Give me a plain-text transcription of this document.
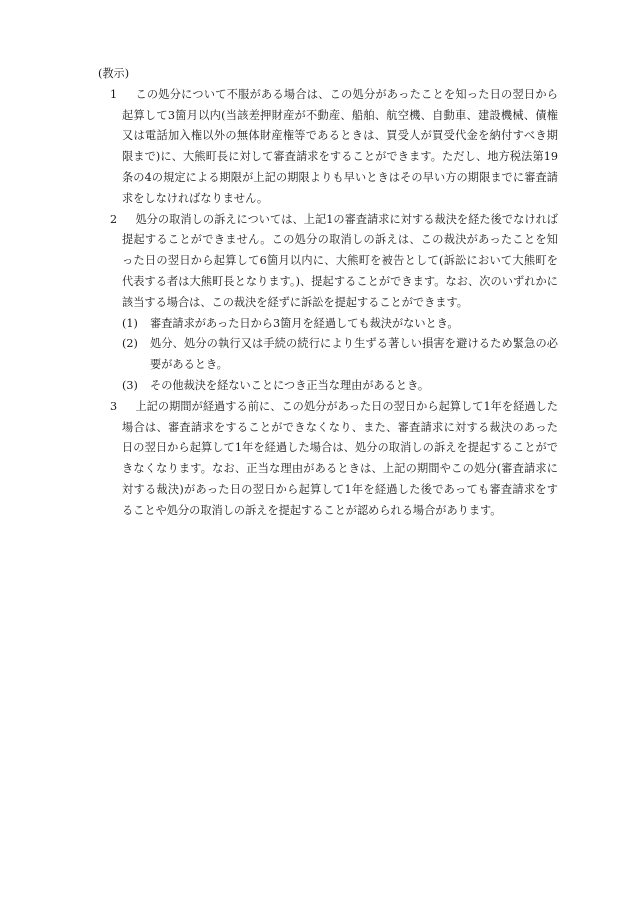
(教示)

1	この処分について不服がある場合は、この処分があったことを知った日の翌日から起算して3箇月以内(当該差押財産が不動産、船舶、航空機、自動車、建設機械、債権又は電話加入権以外の無体財産権等であるときは、買受人が買受代金を納付すべき期限まで)に、大熊町長に対して審査請求をすることができます。ただし、地方税法第19条の4の規定による期限が上記の期限よりも早いときはその早い方の期限までに審査請求をしなければなりません。
2	処分の取消しの訴えについては、上記1の審査請求に対する裁決を経た後でなければ提起することができません。この処分の取消しの訴えは、この裁決があったことを知った日の翌日から起算して6箇月以内に、大熊町を被告として(訴訟において大熊町を代表する者は大熊町長となります。)、提起することができます。なお、次のいずれかに該当する場合は、この裁決を経ずに訴訟を提起することができます。
(1)	審査請求があった日から3箇月を経過しても裁決がないとき。
(2)	処分、処分の執行又は手続の続行により生ずる著しい損害を避けるため緊急の必要があるとき。
(3)	その他裁決を経ないことにつき正当な理由があるとき。
3	上記の期間が経過する前に、この処分があった日の翌日から起算して1年を経過した場合は、審査請求をすることができなくなり、また、審査請求に対する裁決のあった日の翌日から起算して1年を経過した場合は、処分の取消しの訴えを提起することができなくなります。なお、正当な理由があるときは、上記の期間やこの処分(審査請求に対する裁決)があった日の翌日から起算して1年を経過した後であっても審査請求をすることや処分の取消しの訴えを提起することが認められる場合があります。
